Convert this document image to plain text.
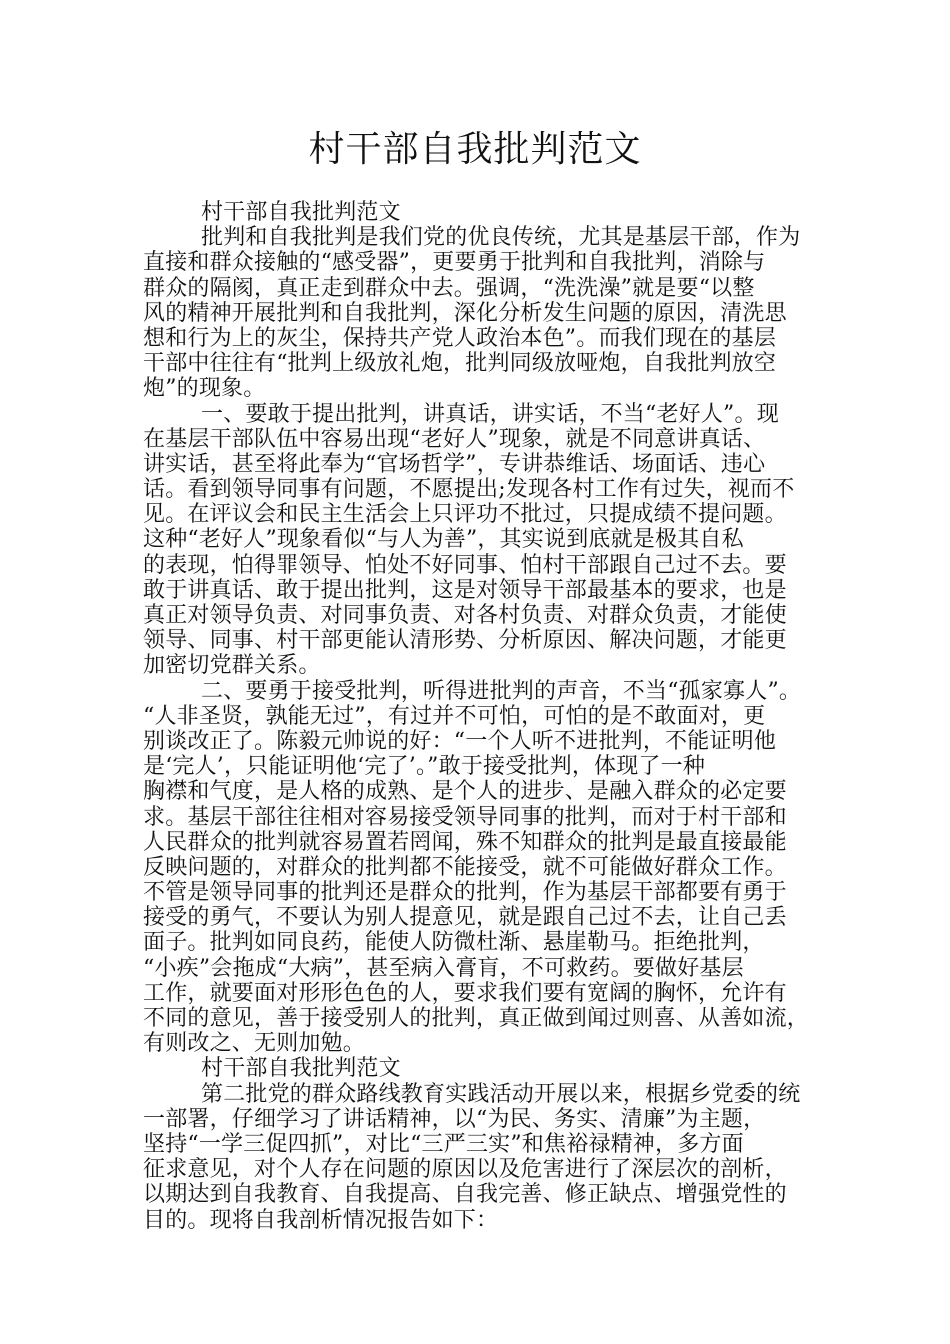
村干部自我批判范文
村干部自我批判范文
批判和自我批判是我们党的优良传统，尤其是基层干部，作为
直接和群众接触的“感受器”，更要勇于批判和自我批判，消除与
群众的隔阂，真正走到群众中去。强调，“洗洗澡”就是要“以整
风的精神开展批判和自我批判，深化分析发生问题的原因，清洗思
想和行为上的灰尘，保持共产党人政治本色”。而我们现在的基层
干部中往往有“批判上级放礼炮，批判同级放哑炮，自我批判放空
炮”的现象。
一、要敢于提出批判，讲真话，讲实话，不当“老好人”。现
在基层干部队伍中容易出现“老好人”现象，就是不同意讲真话、
讲实话，甚至将此奉为“官场哲学”，专讲恭维话、场面话、违心
话。看到领导同事有问题，不愿提出;发现各村工作有过失，视而不
见。在评议会和民主生活会上只评功不批过，只提成绩不提问题。
这种“老好人”现象看似“与人为善”，其实说到底就是极其自私
的表现，怕得罪领导、怕处不好同事、怕村干部跟自己过不去。要
敢于讲真话、敢于提出批判，这是对领导干部最基本的要求，也是
真正对领导负责、对同事负责、对各村负责、对群众负责，才能使
领导、同事、村干部更能认清形势、分析原因、解决问题，才能更
加密切党群关系。
二、要勇于接受批判，听得进批判的声音，不当“孤家寡人”。
“人非圣贤，孰能无过”，有过并不可怕，可怕的是不敢面对，更
别谈改正了。陈毅元帅说的好：“一个人听不进批判，不能证明他
是‘完人’，只能证明他‘完了’。”敢于接受批判，体现了一种
胸襟和气度，是人格的成熟、是个人的进步、是融入群众的必定要
求。基层干部往往相对容易接受领导同事的批判，而对于村干部和
人民群众的批判就容易置若罔闻，殊不知群众的批判是最直接最能
反映问题的，对群众的批判都不能接受，就不可能做好群众工作。
不管是领导同事的批判还是群众的批判，作为基层干部都要有勇于
接受的勇气，不要认为别人提意见，就是跟自己过不去，让自己丢
面子。批判如同良药，能使人防微杜渐、悬崖勒马。拒绝批判，
“小疾”会拖成“大病”，甚至病入膏肓，不可救药。要做好基层
工作，就要面对形形色色的人，要求我们要有宽阔的胸怀，允许有
不同的意见，善于接受别人的批判，真正做到闻过则喜、从善如流，
有则改之、无则加勉。
村干部自我批判范文
第二批党的群众路线教育实践活动开展以来，根据乡党委的统
一部署，仔细学习了讲话精神，以“为民、务实、清廉”为主题，
坚持“一学三促四抓”，对比“三严三实”和焦裕禄精神，多方面
征求意见，对个人存在问题的原因以及危害进行了深层次的剖析，
以期达到自我教育、自我提高、自我完善、修正缺点、增强党性的
目的。现将自我剖析情况报告如下：
